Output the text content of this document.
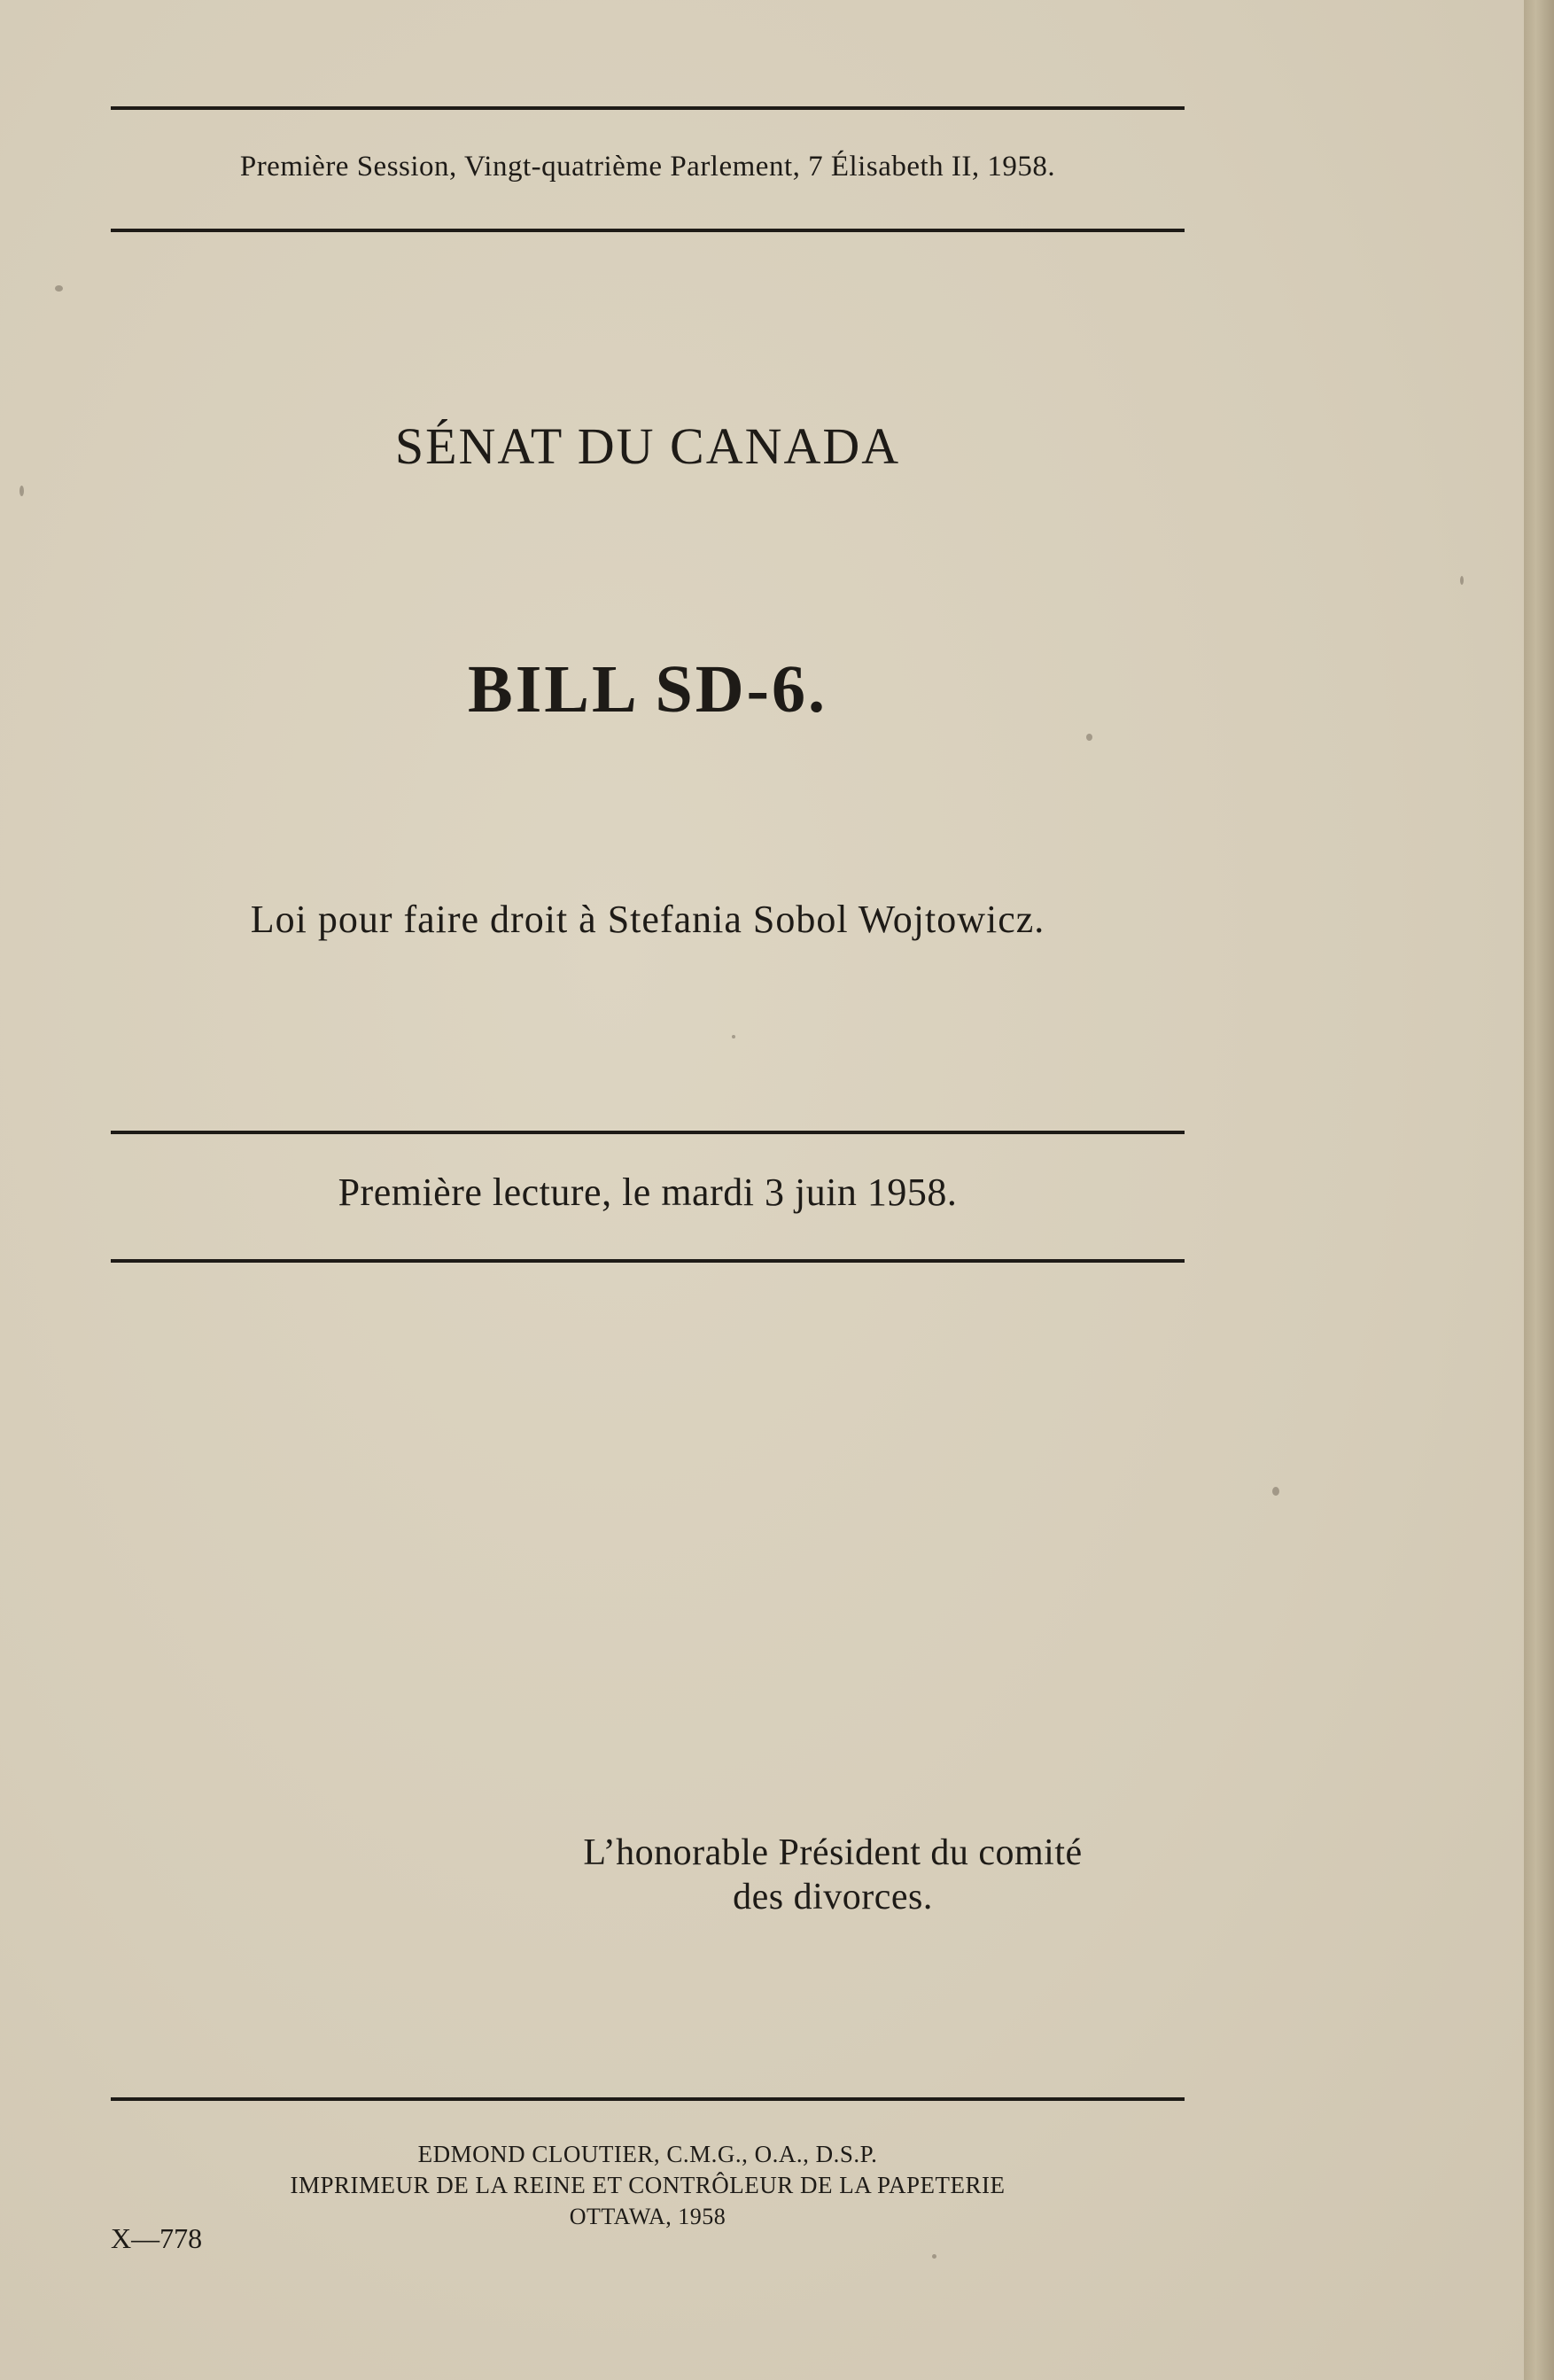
Première Session, Vingt-quatrième Parlement, 7 Élisabeth II, 1958.
SÉNAT DU CANADA
BILL SD-6.
Loi pour faire droit à Stefania Sobol Wojtowicz.
Première lecture, le mardi 3 juin 1958.
L’honorable Président du comité
des divorces.
EDMOND CLOUTIER, C.M.G., O.A., D.S.P.
IMPRIMEUR DE LA REINE ET CONTRÔLEUR DE LA PAPETERIE
OTTAWA, 1958
X—778
